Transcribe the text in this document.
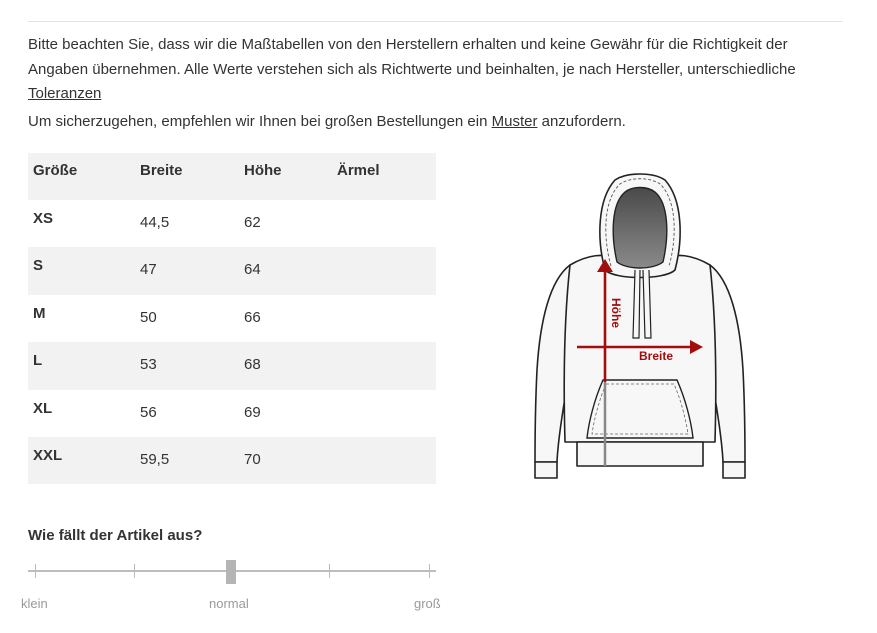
Bitte beachten Sie, dass wir die Maßtabellen von den Herstellern erhalten und keine Gewähr für die Richtigkeit der Angaben übernehmen. Alle Werte verstehen sich als Richtwerte und beinhalten, je nach Hersteller, unterschiedliche Toleranzen

Um sicherzugehen, empfehlen wir Ihnen bei großen Bestellungen ein Muster anzufordern.

Größe	Breite	Höhe	Ärmel
XS	44,5	62	
S	47	64	
M	50	66	
L	53	68	
XL	56	69	
XXL	59,5	70	
Höhe
Breite

Wie fällt der Artikel aus?

klein	normal	groß
